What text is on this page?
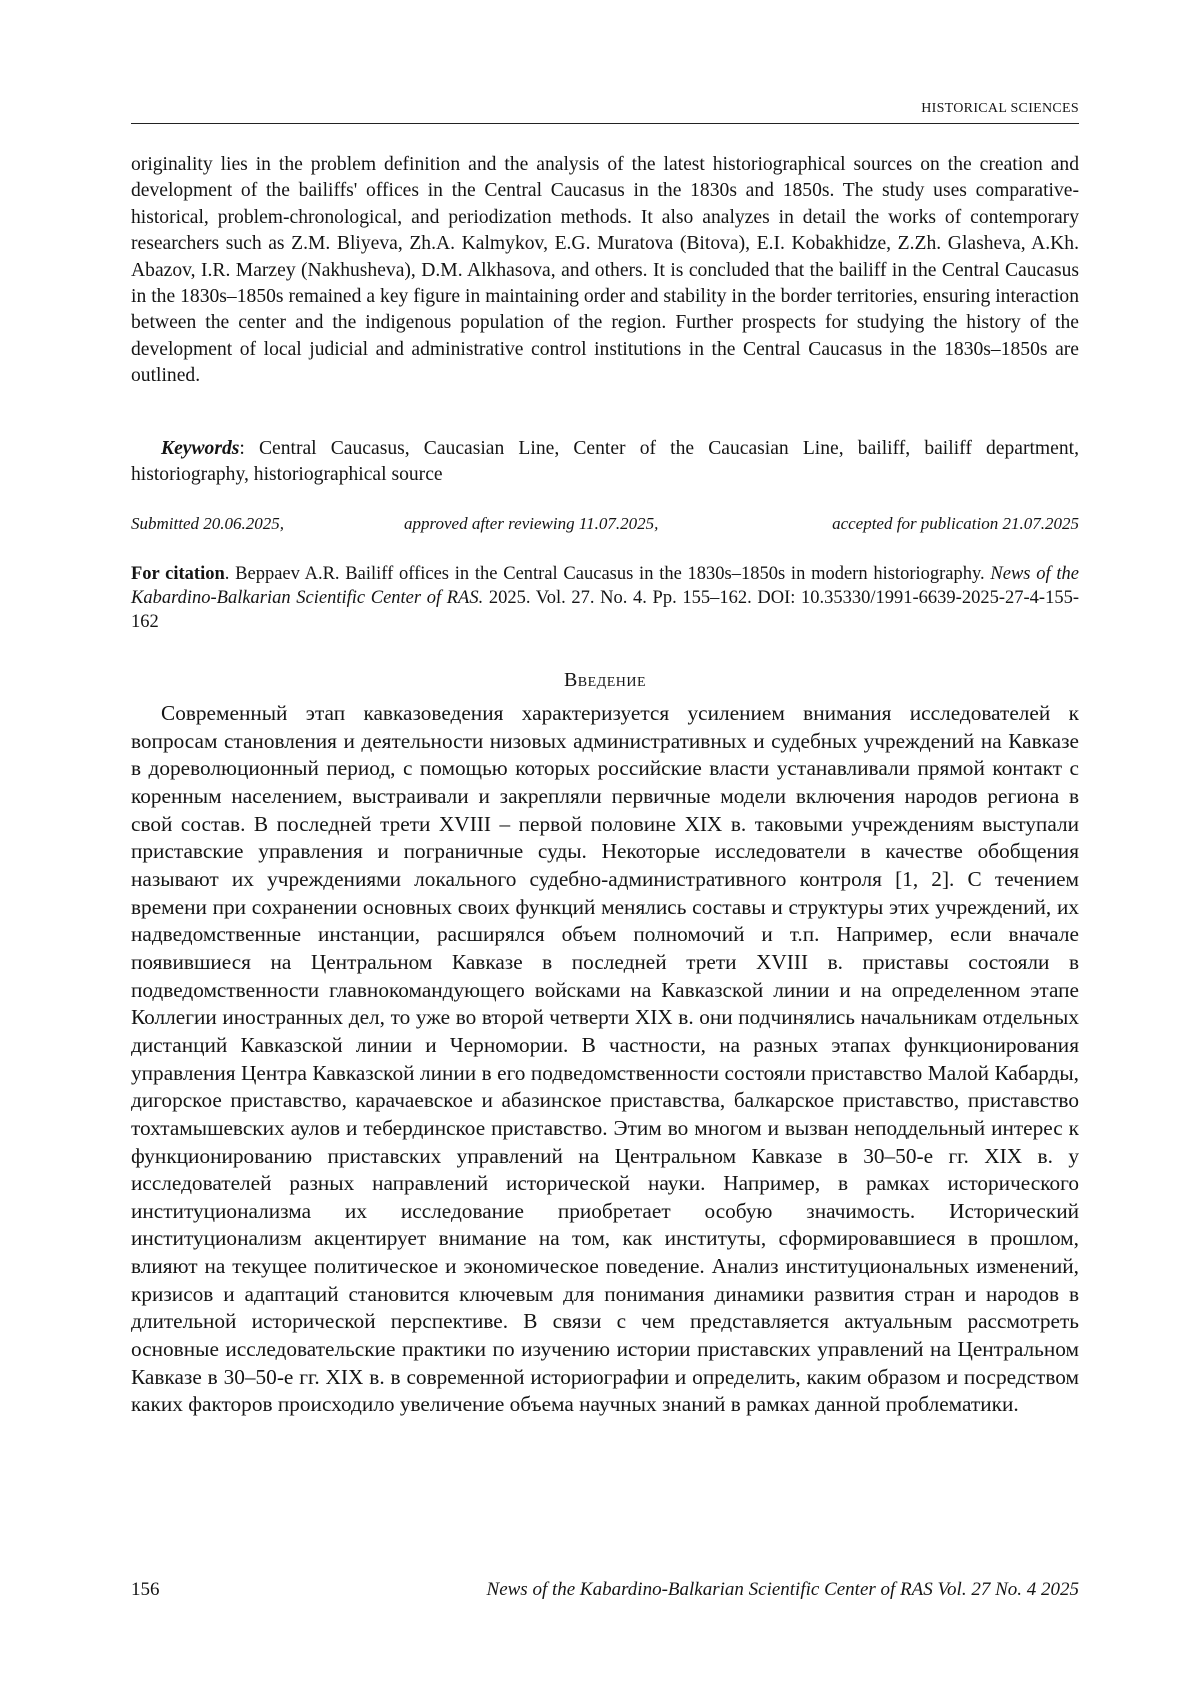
HISTORICAL SCIENCES

originality lies in the problem definition and the analysis of the latest historiographical sources on the creation and development of the bailiffs' offices in the Central Caucasus in the 1830s and 1850s. The study uses comparative-historical, problem-chronological, and periodization methods. It also analyzes in detail the works of contemporary researchers such as Z.M. Bliyeva, Zh.A. Kalmykov, E.G. Muratova (Bitova), E.I. Kobakhidze, Z.Zh. Glasheva, A.Kh. Abazov, I.R. Marzey (Nakhusheva), D.M. Alkhasova, and others. It is concluded that the bailiff in the Central Caucasus in the 1830s–1850s remained a key figure in maintaining order and stability in the border territories, ensuring interaction between the center and the indigenous population of the region. Further prospects for studying the history of the development of local judicial and administrative control institutions in the Central Caucasus in the 1830s–1850s are outlined.

Keywords: Central Caucasus, Caucasian Line, Center of the Caucasian Line, bailiff, bailiff department, historiography, historiographical source

Submitted 20.06.2025,	approved after reviewing 11.07.2025,	accepted for publication 21.07.2025

For citation. Beppaev A.R. Bailiff offices in the Central Caucasus in the 1830s–1850s in modern historiography. News of the Kabardino-Balkarian Scientific Center of RAS. 2025. Vol. 27. No. 4. Pp. 155–162. DOI: 10.35330/1991-6639-2025-27-4-155-162

Введение

Современный этап кавказоведения характеризуется усилением внимания исследователей к вопросам становления и деятельности низовых административных и судебных учреждений на Кавказе в дореволюционный период, с помощью которых российские власти устанавливали прямой контакт с коренным населением, выстраивали и закрепляли первичные модели включения народов региона в свой состав. В последней трети XVIII – первой половине XIX в. таковыми учреждениям выступали приставские управления и пограничные суды. Некоторые исследователи в качестве обобщения называют их учреждениями локального судебно-административного контроля [1, 2]. С течением времени при сохранении основных своих функций менялись составы и структуры этих учреждений, их надведомственные инстанции, расширялся объем полномочий и т.п. Например, если вначале появившиеся на Центральном Кавказе в последней трети XVIII в. приставы состояли в подведомственности главнокомандующего войсками на Кавказской линии и на определенном этапе Коллегии иностранных дел, то уже во второй четверти XIX в. они подчинялись начальникам отдельных дистанций Кавказской линии и Черномории. В частности, на разных этапах функционирования управления Центра Кавказской линии в его подведомственности состояли приставство Малой Кабарды, дигорское приставство, карачаевское и абазинское приставства, балкарское приставство, приставство тохтамышевских аулов и тебердинское приставство. Этим во многом и вызван неподдельный интерес к функционированию приставских управлений на Центральном Кавказе в 30–50-е гг. XIX в. у исследователей разных направлений исторической науки. Например, в рамках исторического институционализма их исследование приобретает особую значимость. Исторический институционализм акцентирует внимание на том, как институты, сформировавшиеся в прошлом, влияют на текущее политическое и экономическое поведение. Анализ институциональных изменений, кризисов и адаптаций становится ключевым для понимания динамики развития стран и народов в длительной исторической перспективе. В связи с чем представляется актуальным рассмотреть основные исследовательские практики по изучению истории приставских управлений на Центральном Кавказе в 30–50-е гг. XIX в. в современной историографии и определить, каким образом и посредством каких факторов происходило увеличение объема научных знаний в рамках данной проблематики.

156	News of the Kabardino-Balkarian Scientific Center of RAS Vol. 27 No. 4 2025
